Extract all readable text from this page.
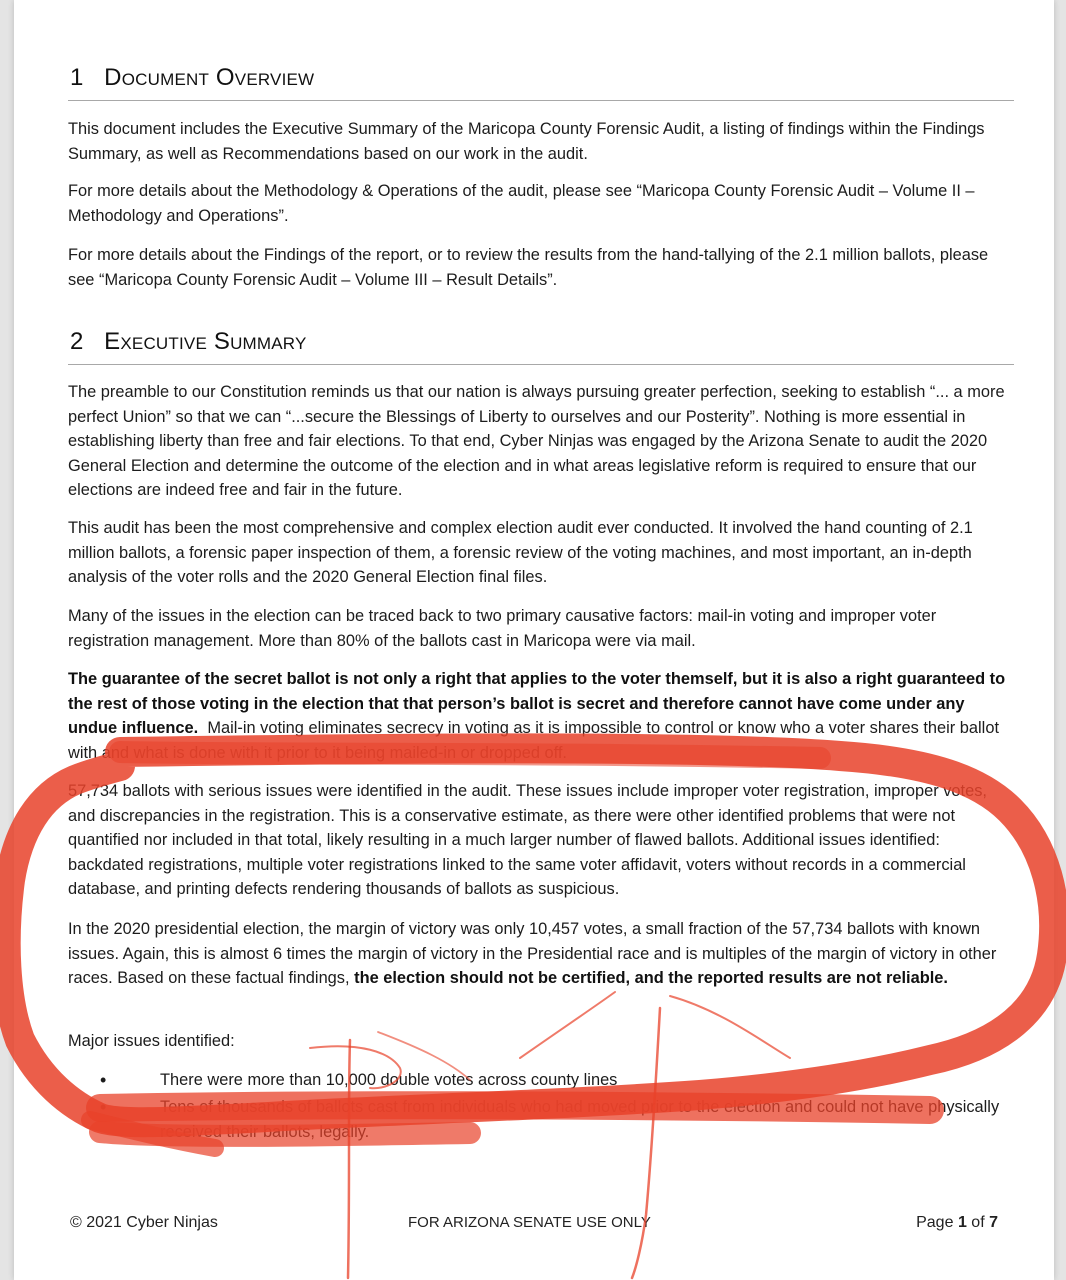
1 Document Overview

This document includes the Executive Summary of the Maricopa County Forensic Audit, a listing of findings within the Findings Summary, as well as Recommendations based on our work in the audit.

For more details about the Methodology & Operations of the audit, please see “Maricopa County Forensic Audit – Volume II – Methodology and Operations”.

For more details about the Findings of the report, or to review the results from the hand-tallying of the 2.1 million ballots, please see “Maricopa County Forensic Audit – Volume III – Result Details”.

2 Executive Summary

The preamble to our Constitution reminds us that our nation is always pursuing greater perfection, seeking to establish “... a more perfect Union” so that we can “...secure the Blessings of Liberty to ourselves and our Posterity”. Nothing is more essential in establishing liberty than free and fair elections. To that end, Cyber Ninjas was engaged by the Arizona Senate to audit the 2020 General Election and determine the outcome of the election and in what areas legislative reform is required to ensure that our elections are indeed free and fair in the future.

This audit has been the most comprehensive and complex election audit ever conducted. It involved the hand counting of 2.1 million ballots, a forensic paper inspection of them, a forensic review of the voting machines, and most important, an in-depth analysis of the voter rolls and the 2020 General Election final files.

Many of the issues in the election can be traced back to two primary causative factors: mail-in voting and improper voter registration management. More than 80% of the ballots cast in Maricopa were via mail.

The guarantee of the secret ballot is not only a right that applies to the voter themself, but it is also a right guaranteed to the rest of those voting in the election that that person’s ballot is secret and therefore cannot have come under any undue influence. Mail-in voting eliminates secrecy in voting as it is impossible to control or know who a voter shares their ballot with and what is done with it prior to it being mailed-in or dropped off.

57,734 ballots with serious issues were identified in the audit. These issues include improper voter registration, improper votes, and discrepancies in the registration. This is a conservative estimate, as there were other identified problems that were not quantified nor included in that total, likely resulting in a much larger number of flawed ballots. Additional issues identified: backdated registrations, multiple voter registrations linked to the same voter affidavit, voters without records in a commercial database, and printing defects rendering thousands of ballots as suspicious.

In the 2020 presidential election, the margin of victory was only 10,457 votes, a small fraction of the 57,734 ballots with known issues. Again, this is almost 6 times the margin of victory in the Presidential race and is multiples of the margin of victory in other races. Based on these factual findings, the election should not be certified, and the reported results are not reliable.

Major issues identified:

•	There were more than 10,000 double votes across county lines
•	Tens of thousands of ballots cast from individuals who had moved prior to the election and could not have physically received their ballots, legally.
© 2021 Cyber Ninjas	FOR ARIZONA SENATE USE ONLY	Page 1 of 7
